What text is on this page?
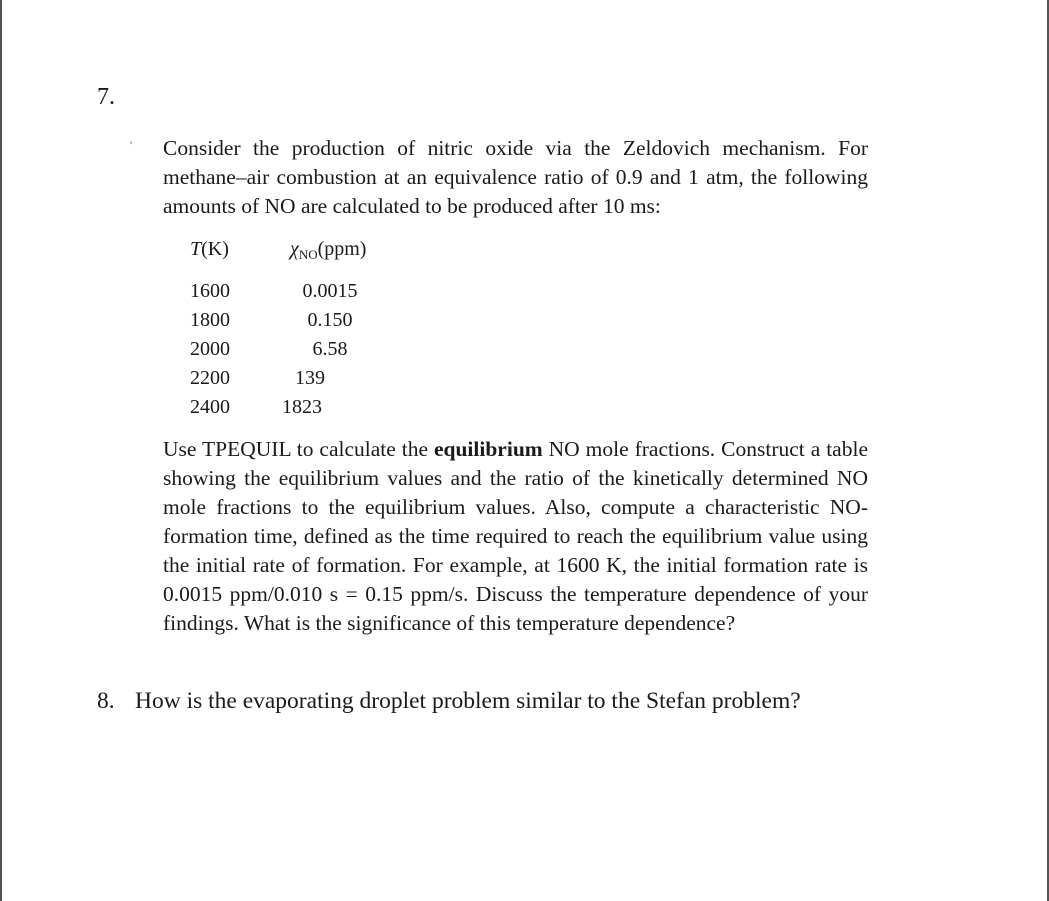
7.
' Consider the production of nitric oxide via the Zeldovich mechanism. For methane–air combustion at an equivalence ratio of 0.9 and 1 atm, the following amounts of NO are calculated to be produced after 10 ms:
T(K)	$\chi_{NO}(ppm)$
1600	0.0015
1800	0.150
2000	6.58
2200	139
2400	1823
Use TPEQUIL to calculate the equilibrium NO mole fractions. Construct a table showing the equilibrium values and the ratio of the kinetically determined NO mole fractions to the equilibrium values. Also, compute a characteristic NO-formation time, defined as the time required to reach the equilibrium value using the initial rate of formation. For example, at 1600 K, the initial formation rate is 0.0015 ppm/0.010 s = 0.15 ppm/s. Discuss the temperature dependence of your findings. What is the significance of this temperature dependence?
8. How is the evaporating droplet problem similar to the Stefan problem?
